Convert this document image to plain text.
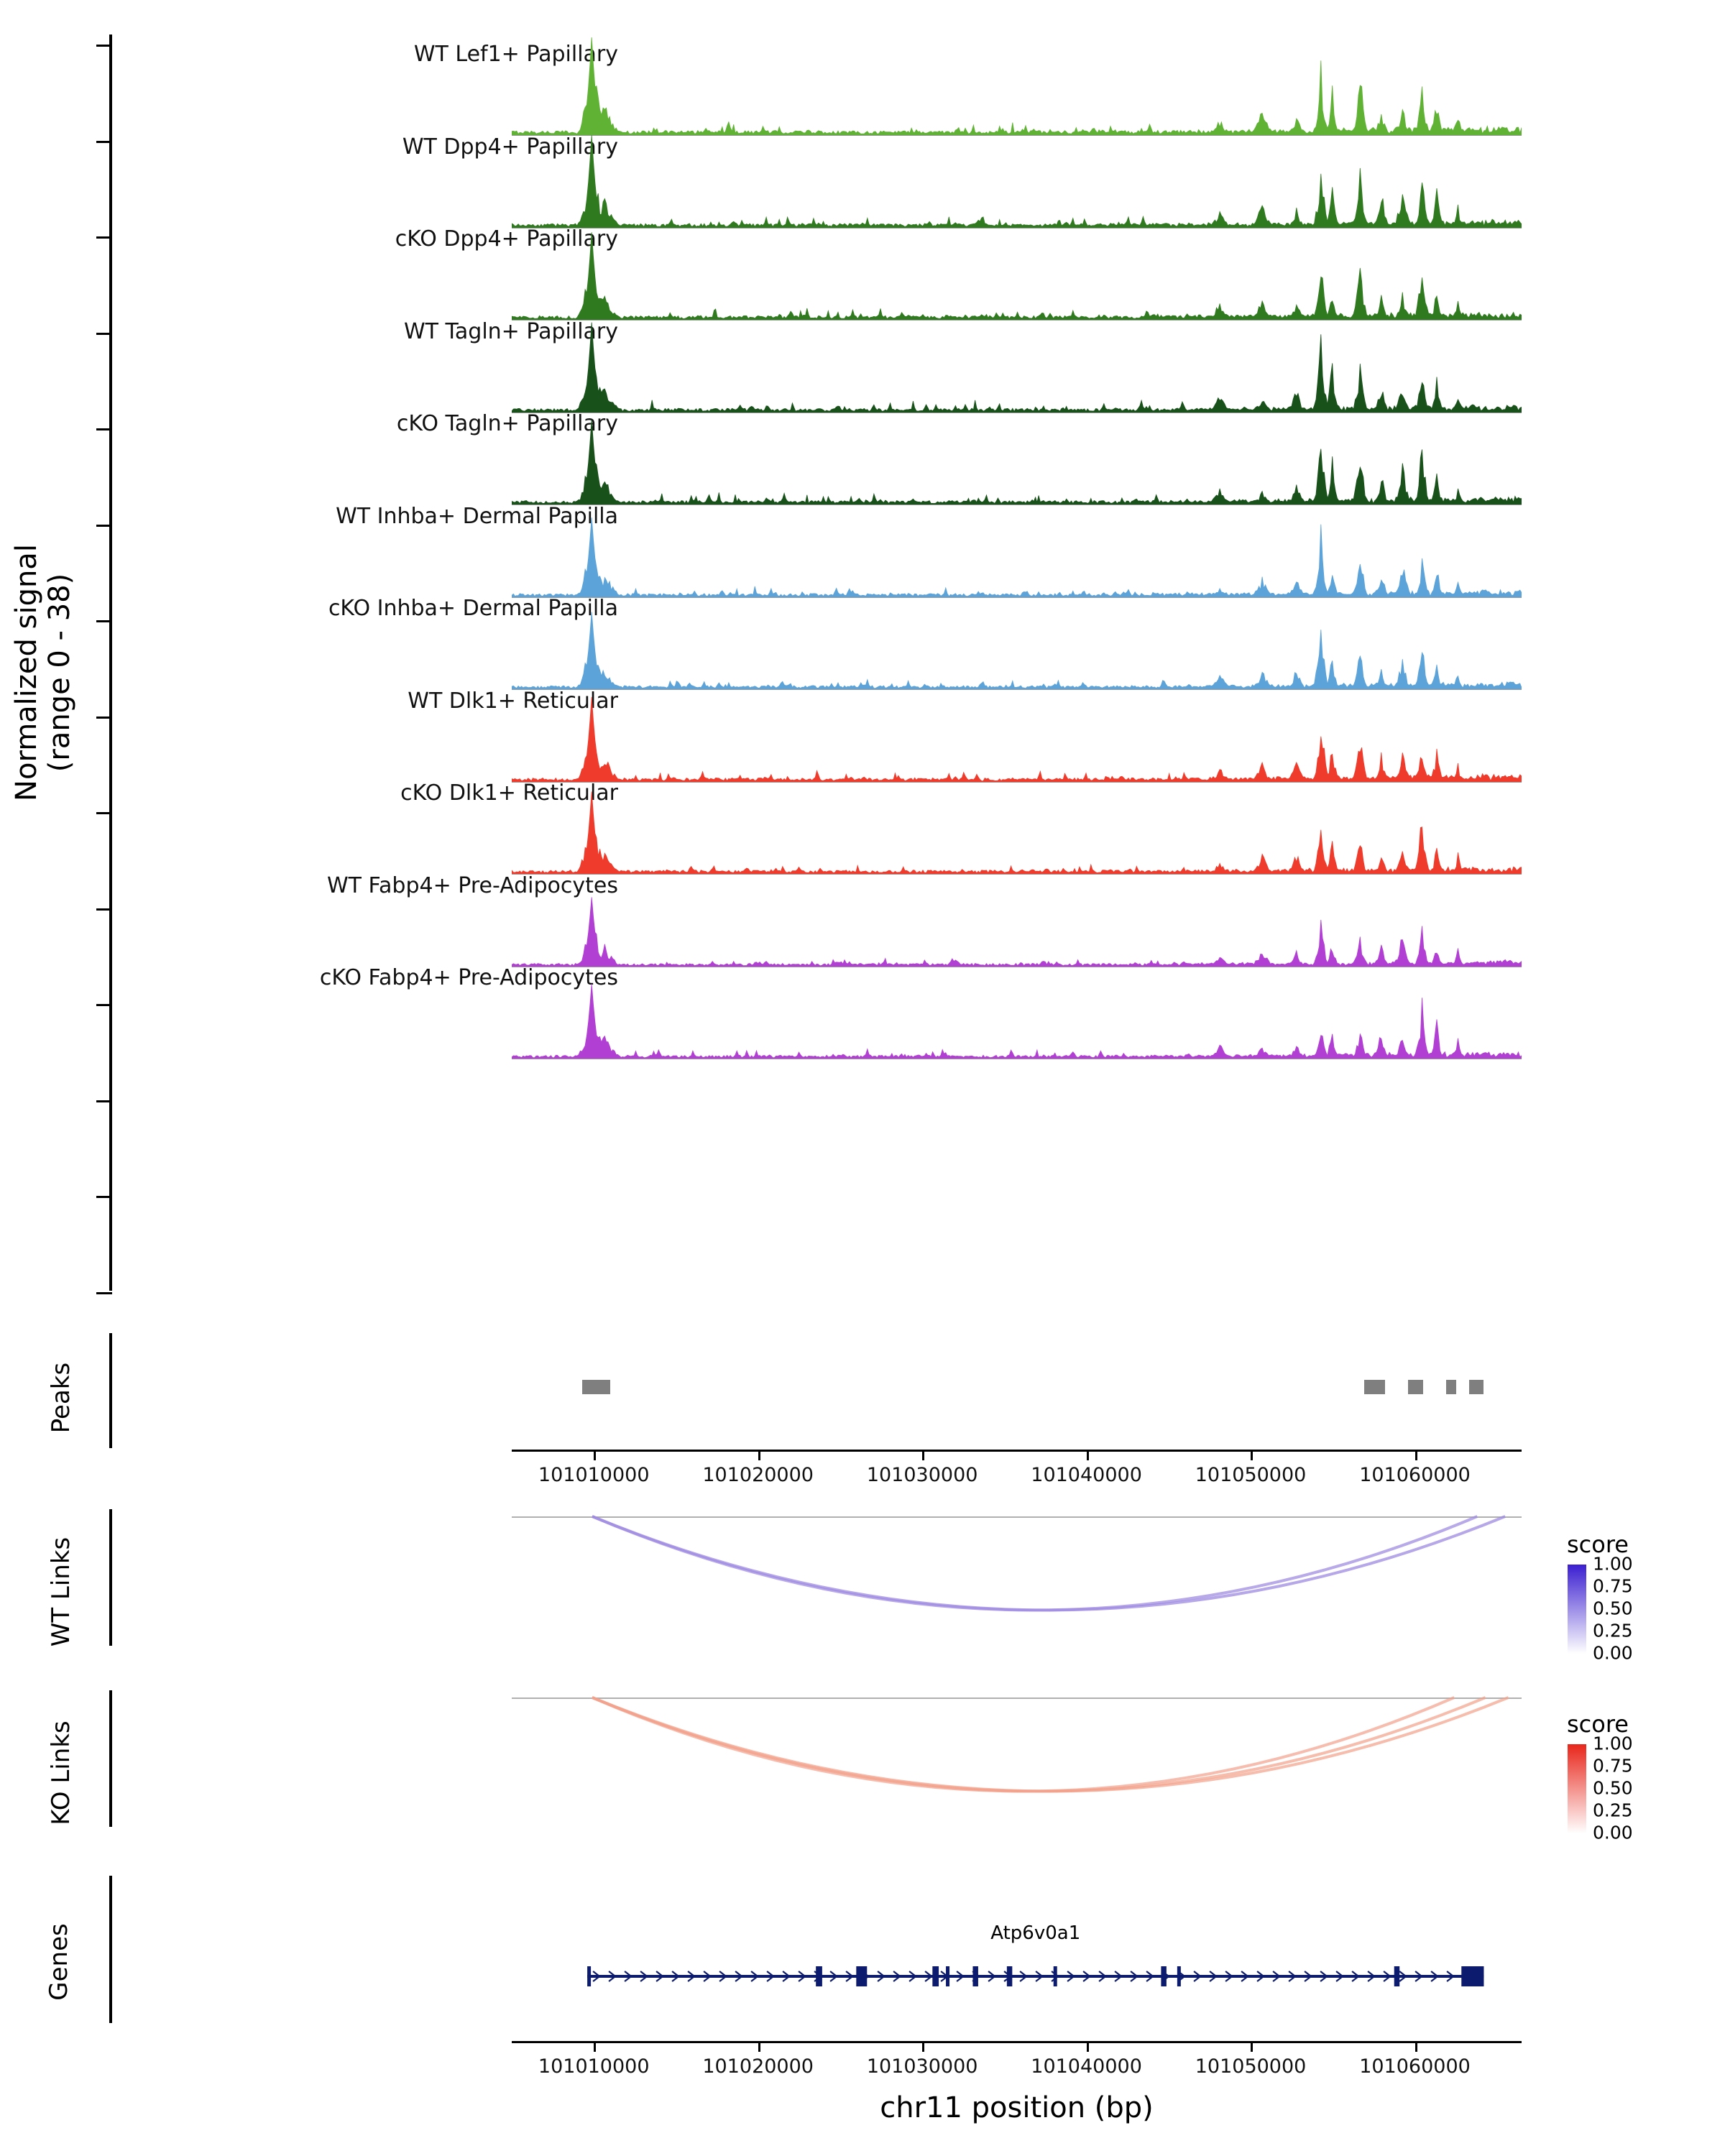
Normalized signal (range 0 - 38)
WT Lef1+ Papillary
WT Dpp4+ Papillary
cKO Dpp4+ Papillary
WT Tagln+ Papillary
cKO Tagln+ Papillary
WT Inhba+ Dermal Papilla
cKO Inhba+ Dermal Papilla
WT Dlk1+ Reticular
cKO Dlk1+ Reticular
WT Fabp4+ Pre-Adipocytes
cKO Fabp4+ Pre-Adipocytes
Peaks
101010000	101020000	101030000	101040000	101050000	101060000
WT Links
KO Links
score
1.00
0.75
0.50
0.25
0.00
score
1.00
0.75
0.50
0.25
0.00
Genes	Atp6v0a1
101010000	101020000	101030000	101040000	101050000	101060000
chr11 position (bp)
